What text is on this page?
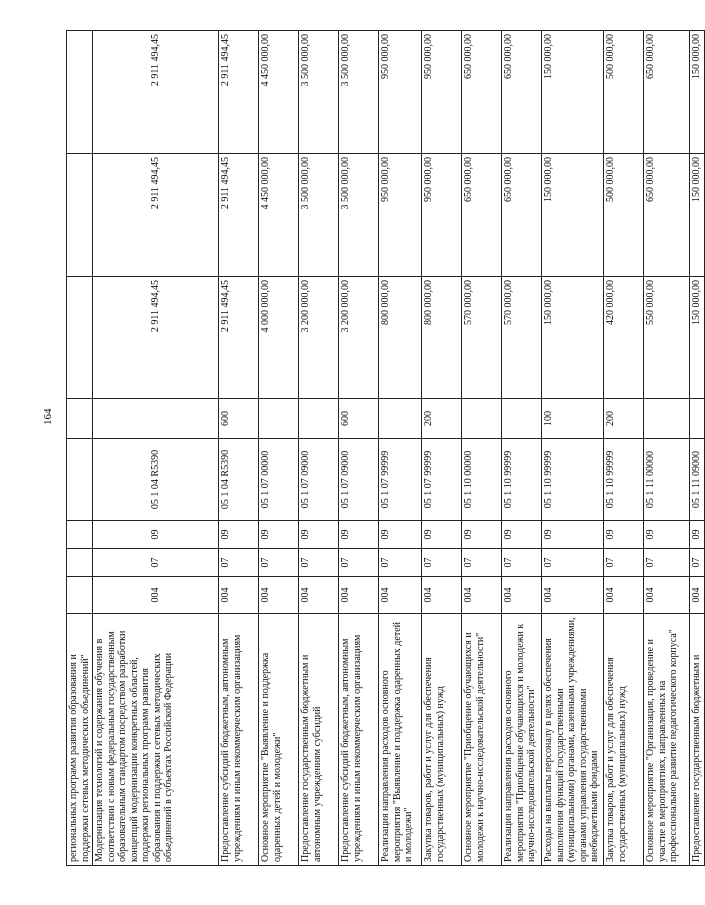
164
региональных программ развития образования и поддержки сетевых методических объединений"								
Модернизация технологий и содержания обучения в соответствии с новым федеральным государственным образовательным стандартом посредством разработки концепций модернизации конкретных областей, поддержки региональных программ развития образования и поддержки сетевых методических объединений в субъектах Российской Федерации	004	07	09	05 1 04 R5390		2 911 494,45	2 911 494,45	2 911 494,45
Предоставление субсидий бюджетным, автономным учреждениям и иным некоммерческим организациям	004	07	09	05 1 04 R5390	600	2 911 494,45	2 911 494,45	2 911 494,45
Основное мероприятие "Выявление и поддержка одаренных детей и молодежи"	004	07	09	05 1 07 00000		4 000 000,00	4 450 000,00	4 450 000,00
Предоставление государственным бюджетным и автономным учреждениям субсидий	004	07	09	05 1 07 09000		3 200 000,00	3 500 000,00	3 500 000,00
Предоставление субсидий бюджетным, автономным учреждениям и иным некоммерческим организациям	004	07	09	05 1 07 09000	600	3 200 000,00	3 500 000,00	3 500 000,00
Реализация направления расходов основного мероприятия "Выявление и поддержка одаренных детей и молодежи"	004	07	09	05 1 07 99999		800 000,00	950 000,00	950 000,00
Закупка товаров, работ и услуг для обеспечения государственных (муниципальных) нужд	004	07	09	05 1 07 99999	200	800 000,00	950 000,00	950 000,00
Основное мероприятие "Приобщение обучающихся и молодежи к научно-исследовательской деятельности"	004	07	09	05 1 10 00000		570 000,00	650 000,00	650 000,00
Реализация направления расходов основного мероприятия "Приобщение обучающихся и молодежи к научно-исследовательской деятельности"	004	07	09	05 1 10 99999		570 000,00	650 000,00	650 000,00
Расходы на выплаты персоналу в целях обеспечения выполнения функций государственными (муниципальными) органами, казенными учреждениями, органами управления государственными внебюджетными фондами	004	07	09	05 1 10 99999	100	150 000,00	150 000,00	150 000,00
Закупка товаров, работ и услуг для обеспечения государственных (муниципальных) нужд	004	07	09	05 1 10 99999	200	420 000,00	500 000,00	500 000,00
Основное мероприятие "Организация, проведение и участие в мероприятиях, направленных на профессиональное развитие педагогического корпуса"	004	07	09	05 1 11 00000		550 000,00	650 000,00	650 000,00
Предоставление государственным бюджетным и	004	07	09	05 1 11 09000		150 000,00	150 000,00	150 000,00
